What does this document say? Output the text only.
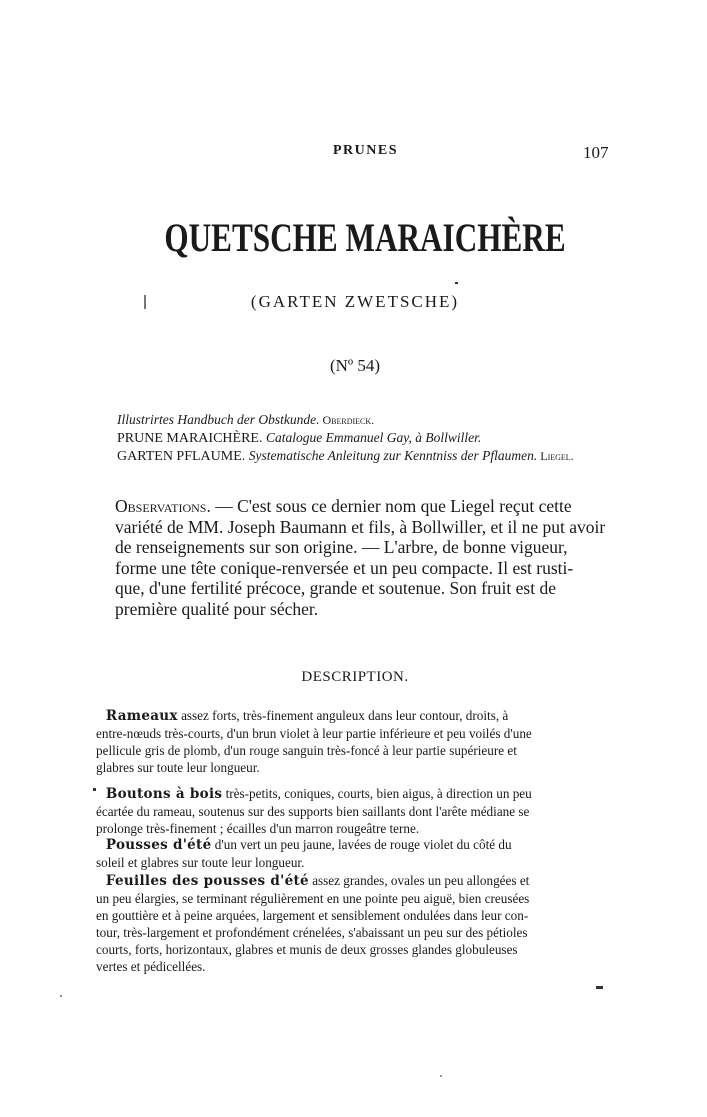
PRUNES	107
QUETSCHE MARAICHÈRE
(GARTEN ZWETSCHE)
(Nº 54)
Illustrirtes Handbuch der Obstkunde. Oberdieck.
PRUNE MARAICHÈRE. Catalogue Emmanuel Gay, à Bollwiller.
GARTEN PFLAUME. Systematische Anleitung zur Kenntniss der Pflaumen. Liegel.
Observations. — C'est sous ce dernier nom que Liegel reçut cette
variété de MM. Joseph Baumann et fils, à Bollwiller, et il ne put avoir
de renseignements sur son origine. — L'arbre, de bonne vigueur,
forme une tête conique-renversée et un peu compacte. Il est rusti-
que, d'une fertilité précoce, grande et soutenue. Son fruit est de
première qualité pour sécher.
DESCRIPTION.
Rameaux assez forts, très-finement anguleux dans leur contour, droits, à
entre-nœuds très-courts, d'un brun violet à leur partie inférieure et peu voilés d'une
pellicule gris de plomb, d'un rouge sanguin très-foncé à leur partie supérieure et
glabres sur toute leur longueur.
Boutons à bois très-petits, coniques, courts, bien aigus, à direction un peu
écartée du rameau, soutenus sur des supports bien saillants dont l'arête médiane se
prolonge très-finement ; écailles d'un marron rougeâtre terne.
Pousses d'été d'un vert un peu jaune, lavées de rouge violet du côté du
soleil et glabres sur toute leur longueur.
Feuilles des pousses d'été assez grandes, ovales un peu allongées et
un peu élargies, se terminant régulièrement en une pointe peu aiguë, bien creusées
en gouttière et à peine arquées, largement et sensiblement ondulées dans leur con-
tour, très-largement et profondément crénelées, s'abaissant un peu sur des pétioles
courts, forts, horizontaux, glabres et munis de deux grosses glandes globuleuses
vertes et pédicellées.
